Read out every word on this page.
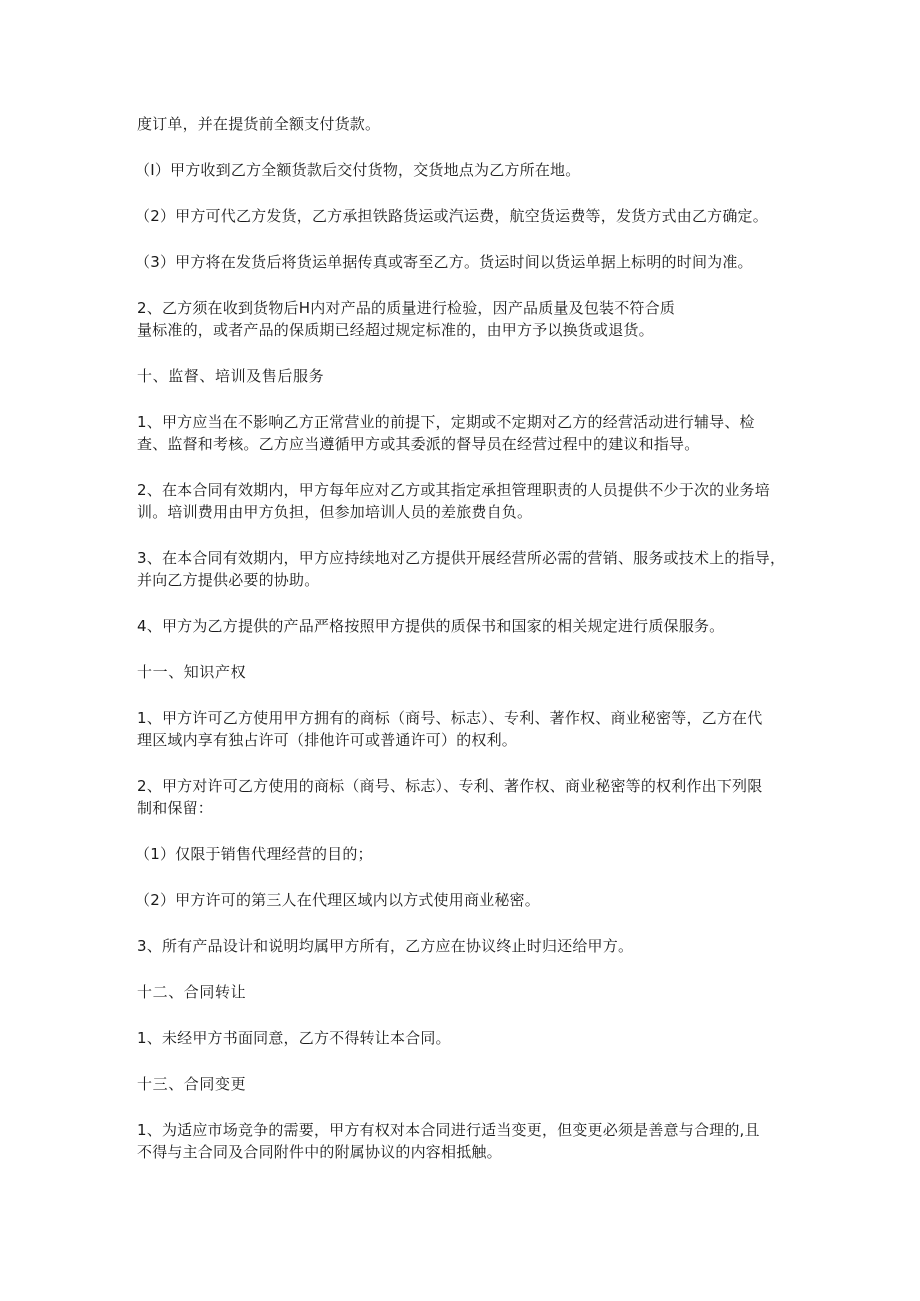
度订单，并在提货前全额支付货款。

（I）甲方收到乙方全额货款后交付货物，交货地点为乙方所在地。

（2）甲方可代乙方发货，乙方承担铁路货运或汽运费，航空货运费等，发货方式由乙方确定。

（3）甲方将在发货后将货运单据传真或寄至乙方。货运时间以货运单据上标明的时间为准。

2、乙方须在收到货物后H内对产品的质量进行检验，因产品质量及包装不符合质
量标准的，或者产品的保质期已经超过规定标准的，由甲方予以换货或退货。

十、监督、培训及售后服务

1、甲方应当在不影响乙方正常营业的前提下，定期或不定期对乙方的经营活动进行辅导、检
查、监督和考核。乙方应当遵循甲方或其委派的督导员在经营过程中的建议和指导。

2、在本合同有效期内，甲方每年应对乙方或其指定承担管理职责的人员提供不少于次的业务培
训。培训费用由甲方负担，但参加培训人员的差旅费自负。

3、在本合同有效期内，甲方应持续地对乙方提供开展经营所必需的营销、服务或技术上的指导，
并向乙方提供必要的协助。

4、甲方为乙方提供的产品严格按照甲方提供的质保书和国家的相关规定进行质保服务。

十一、知识产权

1、甲方许可乙方使用甲方拥有的商标（商号、标志）、专利、著作权、商业秘密等，乙方在代
理区域内享有独占许可（排他许可或普通许可）的权利。

2、甲方对许可乙方使用的商标（商号、标志）、专利、著作权、商业秘密等的权利作出下列限
制和保留：

（1）仅限于销售代理经营的目的；

（2）甲方许可的第三人在代理区域内以方式使用商业秘密。

3、所有产品设计和说明均属甲方所有，乙方应在协议终止时归还给甲方。

十二、合同转让

1、未经甲方书面同意，乙方不得转让本合同。

十三、合同变更

1、为适应市场竞争的需要，甲方有权对本合同进行适当变更，但变更必须是善意与合理的,且
不得与主合同及合同附件中的附属协议的内容相抵触。
